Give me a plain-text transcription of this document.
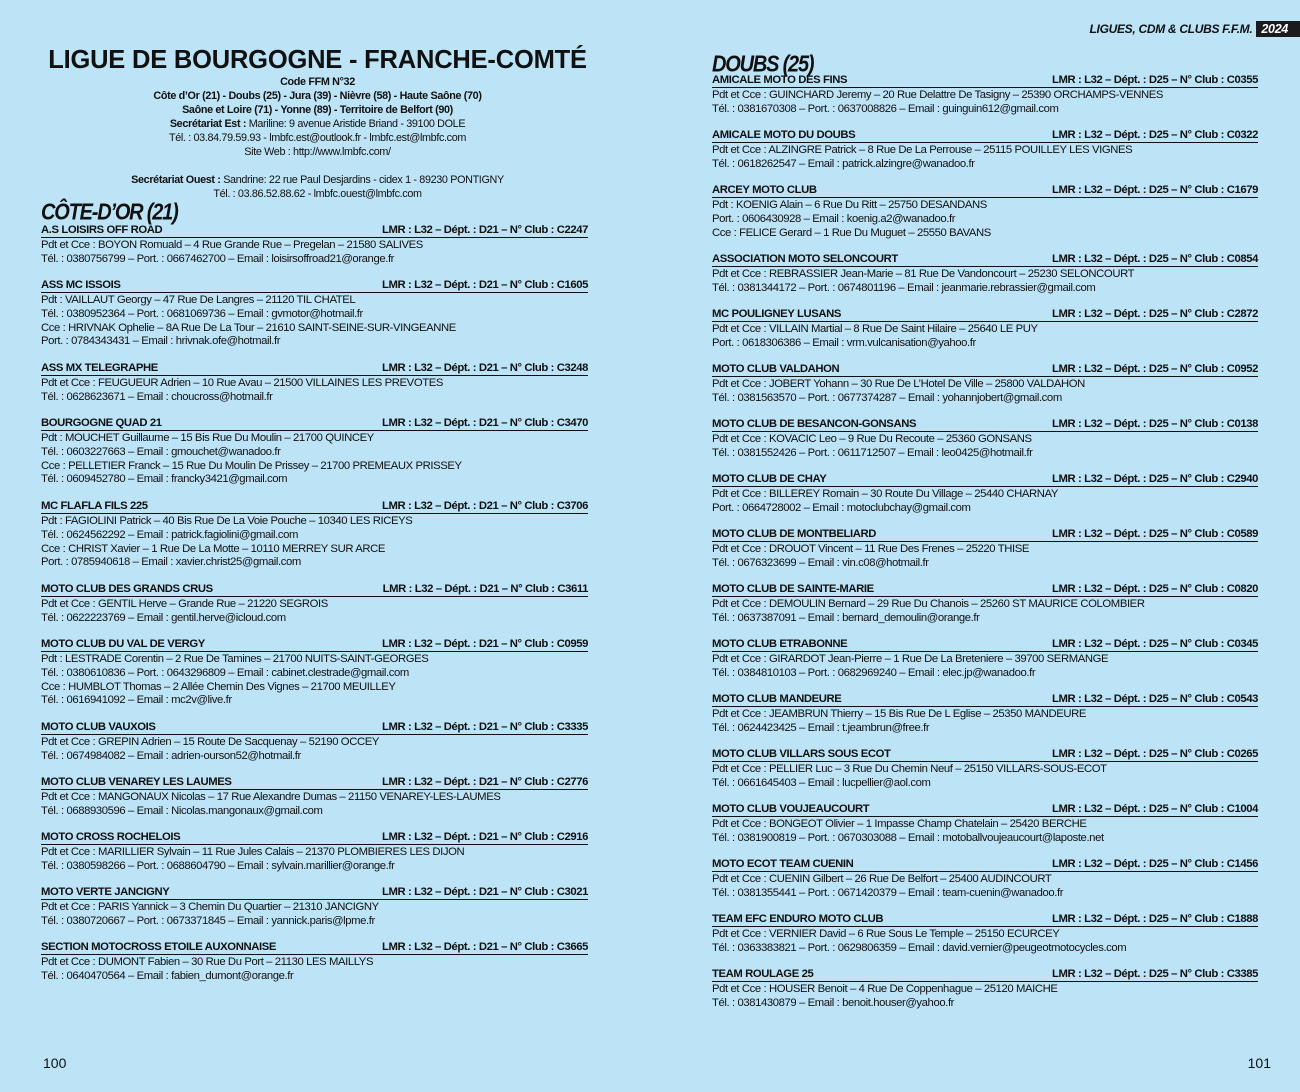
LIGUE DE BOURGOGNE - FRANCHE-COMTÉ
Code FFM N°32
Côte d’Or (21) - Doubs (25) - Jura (39) - Nièvre (58) - Haute Saône (70)
Saône et Loire (71) - Yonne (89) - Territoire de Belfort (90)
Secrétariat Est : Mariline: 9 avenue Aristide Briand - 39100 DOLE
Tél. : 03.84.79.59.93 - lmbfc.est@outlook.fr - lmbfc.est@lmbfc.com
Site Web : http://www.lmbfc.com/
Secrétariat Ouest : Sandrine: 22 rue Paul Desjardins - cidex 1 - 89230 PONTIGNY
Tél. : 03.86.52.88.62 - lmbfc.ouest@lmbfc.com
CÔTE-D’OR (21)
A.S LOISIRS OFF ROAD	LMR : L32 – Dépt. : D21 – N° Club : C2247
Pdt et Cce : BOYON Romuald – 4 Rue Grande Rue – Pregelan – 21580 SALIVES
Tél. : 0380756799 – Port. : 0667462700 – Email : loisirsoffroad21@orange.fr
ASS MC ISSOIS	LMR : L32 – Dépt. : D21 – N° Club : C1605
Pdt : VAILLAUT Georgy – 47 Rue De Langres – 21120 TIL CHATEL
Tél. : 0380952364 – Port. : 0681069736 – Email : gvmotor@hotmail.fr
Cce : HRIVNAK Ophelie – 8A Rue De La Tour – 21610 SAINT-SEINE-SUR-VINGEANNE
Port. : 0784343431 – Email : hrivnak.ofe@hotmail.fr
ASS MX TELEGRAPHE	LMR : L32 – Dépt. : D21 – N° Club : C3248
Pdt et Cce : FEUGUEUR Adrien – 10 Rue Avau – 21500 VILLAINES LES PREVOTES
Tél. : 0628623671 – Email : choucross@hotmail.fr
BOURGOGNE QUAD 21	LMR : L32 – Dépt. : D21 – N° Club : C3470
Pdt : MOUCHET Guillaume – 15 Bis Rue Du Moulin – 21700 QUINCEY
Tél. : 0603227663 – Email : gmouchet@wanadoo.fr
Cce : PELLETIER Franck – 15 Rue Du Moulin De Prissey – 21700 PREMEAUX PRISSEY
Tél. : 0609452780 – Email : francky3421@gmail.com
MC FLAFLA FILS 225	LMR : L32 – Dépt. : D21 – N° Club : C3706
Pdt : FAGIOLINI Patrick – 40 Bis Rue De La Voie Pouche – 10340 LES RICEYS
Tél. : 0624562292 – Email : patrick.fagiolini@gmail.com
Cce : CHRIST Xavier – 1 Rue De La Motte – 10110 MERREY SUR ARCE
Port. : 0785940618 – Email : xavier.christ25@gmail.com
MOTO CLUB DES GRANDS CRUS	LMR : L32 – Dépt. : D21 – N° Club : C3611
Pdt et Cce : GENTIL Herve – Grande Rue – 21220 SEGROIS
Tél. : 0622223769 – Email : gentil.herve@icloud.com
MOTO CLUB DU VAL DE VERGY	LMR : L32 – Dépt. : D21 – N° Club : C0959
Pdt : LESTRADE Corentin – 2 Rue De Tamines – 21700 NUITS-SAINT-GEORGES
Tél. : 0380610836 – Port. : 0643296809 – Email : cabinet.clestrade@gmail.com
Cce : HUMBLOT Thomas – 2 Allée Chemin Des Vignes – 21700 MEUILLEY
Tél. : 0616941092 – Email : mc2v@live.fr
MOTO CLUB VAUXOIS	LMR : L32 – Dépt. : D21 – N° Club : C3335
Pdt et Cce : GREPIN Adrien – 15 Route De Sacquenay – 52190 OCCEY
Tél. : 0674984082 – Email : adrien-ourson52@hotmail.fr
MOTO CLUB VENAREY LES LAUMES	LMR : L32 – Dépt. : D21 – N° Club : C2776
Pdt et Cce : MANGONAUX Nicolas – 17 Rue Alexandre Dumas – 21150 VENAREY-LES-LAUMES
Tél. : 0688930596 – Email : Nicolas.mangonaux@gmail.com
MOTO CROSS ROCHELOIS	LMR : L32 – Dépt. : D21 – N° Club : C2916
Pdt et Cce : MARILLIER Sylvain – 11 Rue Jules Calais – 21370 PLOMBIERES LES DIJON
Tél. : 0380598266 – Port. : 0688604790 – Email : sylvain.marillier@orange.fr
MOTO VERTE JANCIGNY	LMR : L32 – Dépt. : D21 – N° Club : C3021
Pdt et Cce : PARIS Yannick – 3 Chemin Du Quartier – 21310 JANCIGNY
Tél. : 0380720667 – Port. : 0673371845 – Email : yannick.paris@lpme.fr
SECTION MOTOCROSS ETOILE AUXONNAISE	LMR : L32 – Dépt. : D21 – N° Club : C3665
Pdt et Cce : DUMONT Fabien – 30 Rue Du Port – 21130 LES MAILLYS
Tél. : 0640470564 – Email : fabien_dumont@orange.fr
100
LIGUES, CDM & CLUBS F.F.M. 2024
101
DOUBS (25)
AMICALE MOTO DES FINS	LMR : L32 – Dépt. : D25 – N° Club : C0355
Pdt et Cce : GUINCHARD Jeremy – 20 Rue Delattre De Tasigny – 25390 ORCHAMPS-VENNES
Tél. : 0381670308 – Port. : 0637008826 – Email : guinguin612@gmail.com
AMICALE MOTO DU DOUBS	LMR : L32 – Dépt. : D25 – N° Club : C0322
Pdt et Cce : ALZINGRE Patrick – 8 Rue De La Perrouse – 25115 POUILLEY LES VIGNES
Tél. : 0618262547 – Email : patrick.alzingre@wanadoo.fr
ARCEY MOTO CLUB	LMR : L32 – Dépt. : D25 – N° Club : C1679
Pdt : KOENIG Alain – 6 Rue Du Ritt – 25750 DESANDANS
Port. : 0606430928 – Email : koenig.a2@wanadoo.fr
Cce : FELICE Gerard – 1 Rue Du Muguet – 25550 BAVANS
ASSOCIATION MOTO SELONCOURT	LMR : L32 – Dépt. : D25 – N° Club : C0854
Pdt et Cce : REBRASSIER Jean-Marie – 81 Rue De Vandoncourt – 25230 SELONCOURT
Tél. : 0381344172 – Port. : 0674801196 – Email : jeanmarie.rebrassier@gmail.com
MC POULIGNEY LUSANS	LMR : L32 – Dépt. : D25 – N° Club : C2872
Pdt et Cce : VILLAIN Martial – 8 Rue De Saint Hilaire – 25640 LE PUY
Port. : 0618306386 – Email : vrm.vulcanisation@yahoo.fr
MOTO CLUB VALDAHON	LMR : L32 – Dépt. : D25 – N° Club : C0952
Pdt et Cce : JOBERT Yohann – 30 Rue De L’Hotel De Ville – 25800 VALDAHON
Tél. : 0381563570 – Port. : 0677374287 – Email : yohannjobert@gmail.com
MOTO CLUB DE BESANCON-GONSANS	LMR : L32 – Dépt. : D25 – N° Club : C0138
Pdt et Cce : KOVACIC Leo – 9 Rue Du Recoute – 25360 GONSANS
Tél. : 0381552426 – Port. : 0611712507 – Email : leo0425@hotmail.fr
MOTO CLUB DE CHAY	LMR : L32 – Dépt. : D25 – N° Club : C2940
Pdt et Cce : BILLEREY Romain – 30 Route Du Village – 25440 CHARNAY
Port. : 0664728002 – Email : motoclubchay@gmail.com
MOTO CLUB DE MONTBELIARD	LMR : L32 – Dépt. : D25 – N° Club : C0589
Pdt et Cce : DROUOT Vincent – 11 Rue Des Frenes – 25220 THISE
Tél. : 0676323699 – Email : vin.c08@hotmail.fr
MOTO CLUB DE SAINTE-MARIE	LMR : L32 – Dépt. : D25 – N° Club : C0820
Pdt et Cce : DEMOULIN Bernard – 29 Rue Du Chanois – 25260 ST MAURICE COLOMBIER
Tél. : 0637387091 – Email : bernard_demoulin@orange.fr
MOTO CLUB ETRABONNE	LMR : L32 – Dépt. : D25 – N° Club : C0345
Pdt et Cce : GIRARDOT Jean-Pierre – 1 Rue De La Breteniere – 39700 SERMANGE
Tél. : 0384810103 – Port. : 0682969240 – Email : elec.jp@wanadoo.fr
MOTO CLUB MANDEURE	LMR : L32 – Dépt. : D25 – N° Club : C0543
Pdt et Cce : JEAMBRUN Thierry – 15 Bis Rue De L Eglise – 25350 MANDEURE
Tél. : 0624423425 – Email : t.jeambrun@free.fr
MOTO CLUB VILLARS SOUS ECOT	LMR : L32 – Dépt. : D25 – N° Club : C0265
Pdt et Cce : PELLIER Luc – 3 Rue Du Chemin Neuf – 25150 VILLARS-SOUS-ECOT
Tél. : 0661645403 – Email : lucpellier@aol.com
MOTO CLUB VOUJEAUCOURT	LMR : L32 – Dépt. : D25 – N° Club : C1004
Pdt et Cce : BONGEOT Olivier – 1 Impasse Champ Chatelain – 25420 BERCHE
Tél. : 0381900819 – Port. : 0670303088 – Email : motoballvoujeaucourt@laposte.net
MOTO ECOT TEAM CUENIN	LMR : L32 – Dépt. : D25 – N° Club : C1456
Pdt et Cce : CUENIN Gilbert – 26 Rue De Belfort – 25400 AUDINCOURT
Tél. : 0381355441 – Port. : 0671420379 – Email : team-cuenin@wanadoo.fr
TEAM EFC ENDURO MOTO CLUB	LMR : L32 – Dépt. : D25 – N° Club : C1888
Pdt et Cce : VERNIER David – 6 Rue Sous Le Temple – 25150 ECURCEY
Tél. : 0363383821 – Port. : 0629806359 – Email : david.vernier@peugeotmotocycles.com
TEAM ROULAGE 25	LMR : L32 – Dépt. : D25 – N° Club : C3385
Pdt et Cce : HOUSER Benoit – 4 Rue De Coppenhague – 25120 MAICHE
Tél. : 0381430879 – Email : benoit.houser@yahoo.fr
